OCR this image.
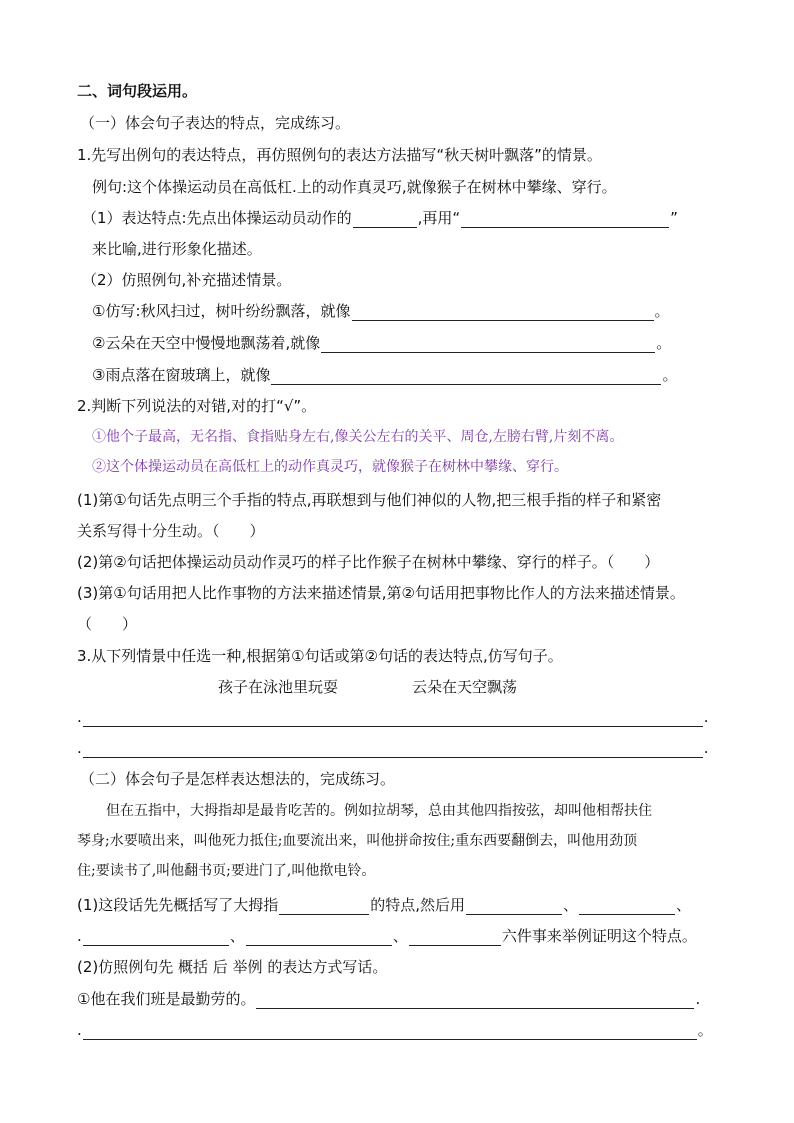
二、词句段运用。
（一）体会句子表达的特点，完成练习。
1.先写出例句的表达特点，再仿照例句的表达方法描写“秋天树叶飘落”的情景。
例句:这个体操运动员在高低杠.上的动作真灵巧,就像猴子在树林中攀缘、穿行。
（1）表达特点:先点出体操运动员动作的	,再用“	”
来比喻,进行形象化描述。
（2）仿照例句,补充描述情景。
①仿写:秋风扫过，树叶纷纷飘落，就像	。
②云朵在天空中慢慢地飘荡着,就像	。
③雨点落在窗玻璃上，就像	。
2.判断下列说法的对错,对的打“√”。
①他个子最高，无名指、食指贴身左右,像关公左右的关平、周仓,左膀右臂,片刻不离。
②这个体操运动员在高低杠上的动作真灵巧，就像猴子在树林中攀缘、穿行。
(1)第①句话先点明三个手指的特点,再联想到与他们神似的人物,把三根手指的样子和紧密
关系写得十分生动。（　　）
(2)第②句话把体操运动员动作灵巧的样子比作猴子在树林中攀缘、穿行的样子。（　　）
(3)第①句话用把人比作事物的方法来描述情景,第②句话用把事物比作人的方法来描述情景。
（　　）
3.从下列情景中任选一种,根据第①句话或第②句话的表达特点,仿写句子。
孩子在泳池里玩耍	云朵在天空飘荡
.	.
.	.
（二）体会句子是怎样表达想法的，完成练习。
但在五指中，大拇指却是最肯吃苦的。例如拉胡琴，总由其他四指按弦，却叫他相帮扶住
琴身;水要喷出来，叫他死力抵住;血要流出来，叫他拼命按住;重东西要翻倒去，叫他用劲顶
住;要读书了,叫他翻书页;要进门了,叫他揿电铃。
(1)这段话先先概括写了大拇指	的特点,然后用	、	、
.	、	、	六件事来举例证明这个特点。
(2)仿照例句先 概括 后 举例 的表达方式写话。
①他在我们班是最勤劳的。	.
.	。
